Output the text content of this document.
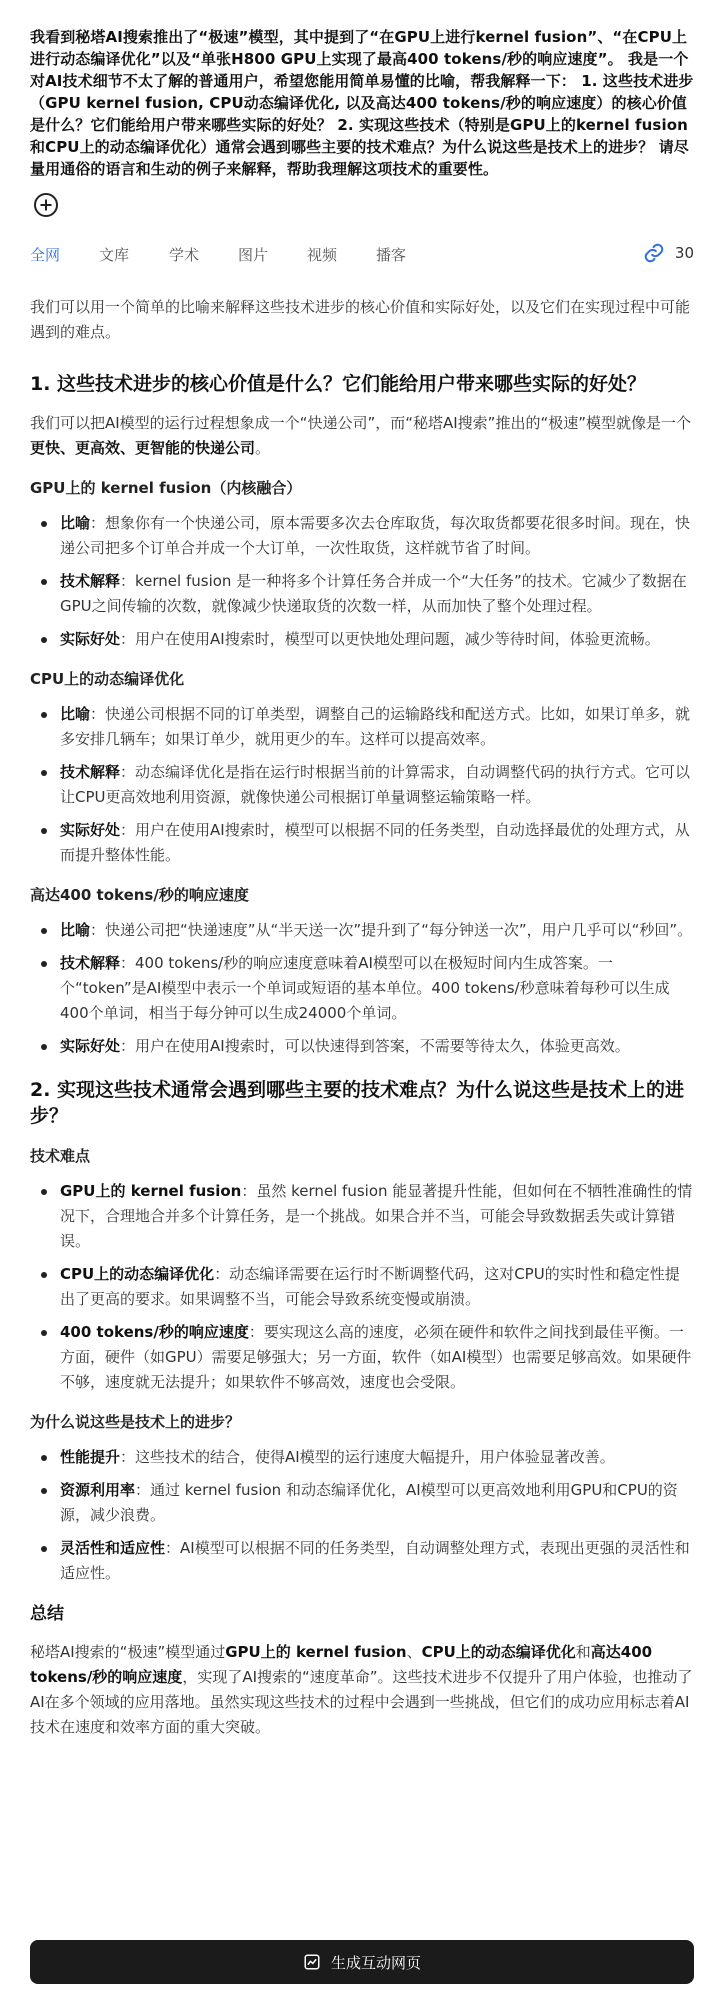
我看到秘塔AI搜索推出了“极速”模型，其中提到了“在GPU上进行kernel fusion”、“在CPU上进行动态编译优化”以及“单张H800 GPU上实现了最高400 tokens/秒的响应速度”。 我是一个对AI技术细节不太了解的普通用户，希望您能用简单易懂的比喻，帮我解释一下： 1. 这些技术进步（GPU kernel fusion, CPU动态编译优化, 以及高达400 tokens/秒的响应速度）的核心价值是什么？它们能给用户带来哪些实际的好处？ 2. 实现这些技术（特别是GPU上的kernel fusion和CPU上的动态编译优化）通常会遇到哪些主要的技术难点？为什么说这些是技术上的进步？ 请尽量用通俗的语言和生动的例子来解释，帮助我理解这项技术的重要性。
全网	文库	学术	图片	视频	播客	30

我们可以用一个简单的比喻来解释这些技术进步的核心价值和实际好处，以及它们在实现过程中可能遇到的难点。

1. 这些技术进步的核心价值是什么？它们能给用户带来哪些实际的好处？

我们可以把AI模型的运行过程想象成一个“快递公司”，而“秘塔AI搜索”推出的“极速”模型就像是一个更快、更高效、更智能的快递公司。

GPU上的 kernel fusion（内核融合）
比喻：想象你有一个快递公司，原本需要多次去仓库取货，每次取货都要花很多时间。现在，快递公司把多个订单合并成一个大订单，一次性取货，这样就节省了时间。
技术解释：kernel fusion 是一种将多个计算任务合并成一个“大任务”的技术。它减少了数据在GPU之间传输的次数，就像减少快递取货的次数一样，从而加快了整个处理过程。
实际好处：用户在使用AI搜索时，模型可以更快地处理问题，减少等待时间，体验更流畅。
CPU上的动态编译优化
比喻：快递公司根据不同的订单类型，调整自己的运输路线和配送方式。比如，如果订单多，就多安排几辆车；如果订单少，就用更少的车。这样可以提高效率。
技术解释：动态编译优化是指在运行时根据当前的计算需求，自动调整代码的执行方式。它可以让CPU更高效地利用资源，就像快递公司根据订单量调整运输策略一样。
实际好处：用户在使用AI搜索时，模型可以根据不同的任务类型，自动选择最优的处理方式，从而提升整体性能。
高达400 tokens/秒的响应速度
比喻：快递公司把“快递速度”从“半天送一次”提升到了“每分钟送一次”，用户几乎可以“秒回”。
技术解释：400 tokens/秒的响应速度意味着AI模型可以在极短时间内生成答案。一个“token”是AI模型中表示一个单词或短语的基本单位。400 tokens/秒意味着每秒可以生成400个单词，相当于每分钟可以生成24000个单词。
实际好处：用户在使用AI搜索时，可以快速得到答案，不需要等待太久，体验更高效。
2. 实现这些技术通常会遇到哪些主要的技术难点？为什么说这些是技术上的进步？
技术难点
GPU上的 kernel fusion：虽然 kernel fusion 能显著提升性能，但如何在不牺牲准确性的情况下，合理地合并多个计算任务，是一个挑战。如果合并不当，可能会导致数据丢失或计算错误。
CPU上的动态编译优化：动态编译需要在运行时不断调整代码，这对CPU的实时性和稳定性提出了更高的要求。如果调整不当，可能会导致系统变慢或崩溃。
400 tokens/秒的响应速度：要实现这么高的速度，必须在硬件和软件之间找到最佳平衡。一方面，硬件（如GPU）需要足够强大；另一方面，软件（如AI模型）也需要足够高效。如果硬件不够，速度就无法提升；如果软件不够高效，速度也会受限。
为什么说这些是技术上的进步？
性能提升：这些技术的结合，使得AI模型的运行速度大幅提升，用户体验显著改善。
资源利用率：通过 kernel fusion 和动态编译优化，AI模型可以更高效地利用GPU和CPU的资源，减少浪费。
灵活性和适应性：AI模型可以根据不同的任务类型，自动调整处理方式，表现出更强的灵活性和适应性。
总结

秘塔AI搜索的“极速”模型通过GPU上的 kernel fusion、CPU上的动态编译优化和高达400 tokens/秒的响应速度，实现了AI搜索的“速度革命”。这些技术进步不仅提升了用户体验，也推动了AI在多个领域的应用落地。虽然实现这些技术的过程中会遇到一些挑战，但它们的成功应用标志着AI技术在速度和效率方面的重大突破。

生成互动网页
